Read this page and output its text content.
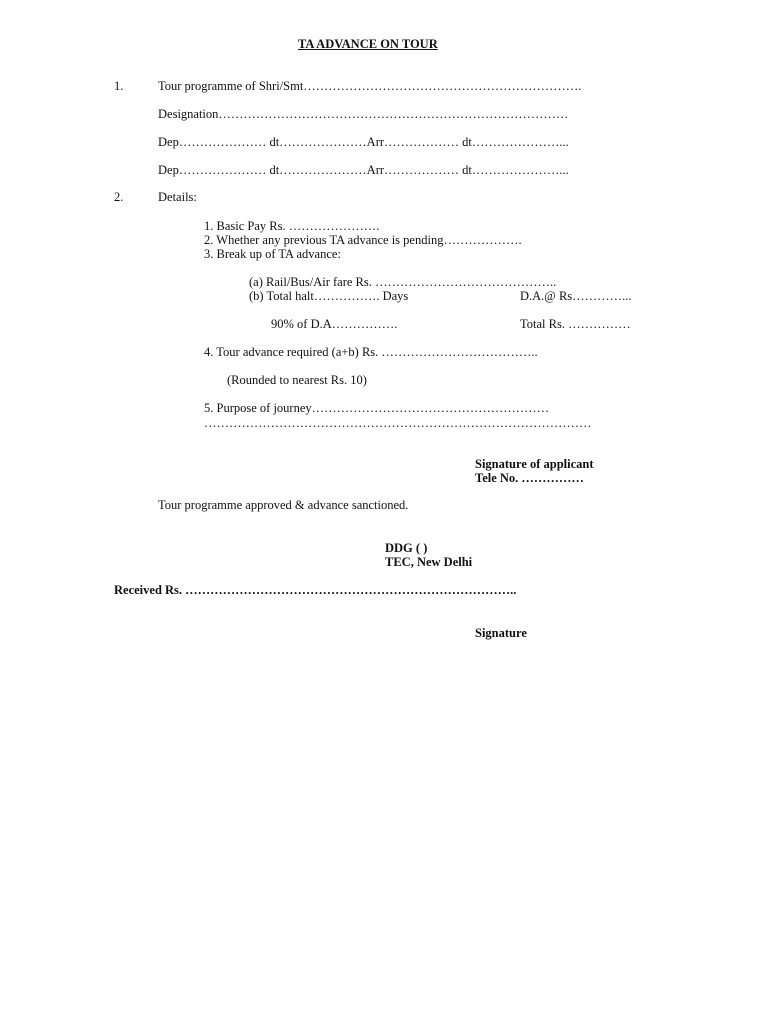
TA ADVANCE ON TOUR
1.	Tour programme of Shri/Smt………………………………………………………….
Designation…………………………………………………………………………
Dep………………… dt…………………Arr……………… dt…………………...
Dep………………… dt…………………Arr……………… dt…………………...
2.	Details:
1. Basic Pay Rs. ………………….
2. Whether any previous TA advance is pending……………….
3. Break up of TA advance:
(a) Rail/Bus/Air fare Rs. ……………………………………..
(b) Total halt……………. Days	D.A.@ Rs…………...
90% of D.A…………….	Total Rs. ……………
4. Tour advance required (a+b) Rs. ………………………………..
(Rounded to nearest Rs. 10)
5. Purpose of journey…………………………………………………
…………………………………………………………………………………
Signature of applicant
Tele No. ……………
Tour programme approved & advance sanctioned.
DDG ( )
TEC, New Delhi
Received Rs. ……………………………………………………………………..
Signature
